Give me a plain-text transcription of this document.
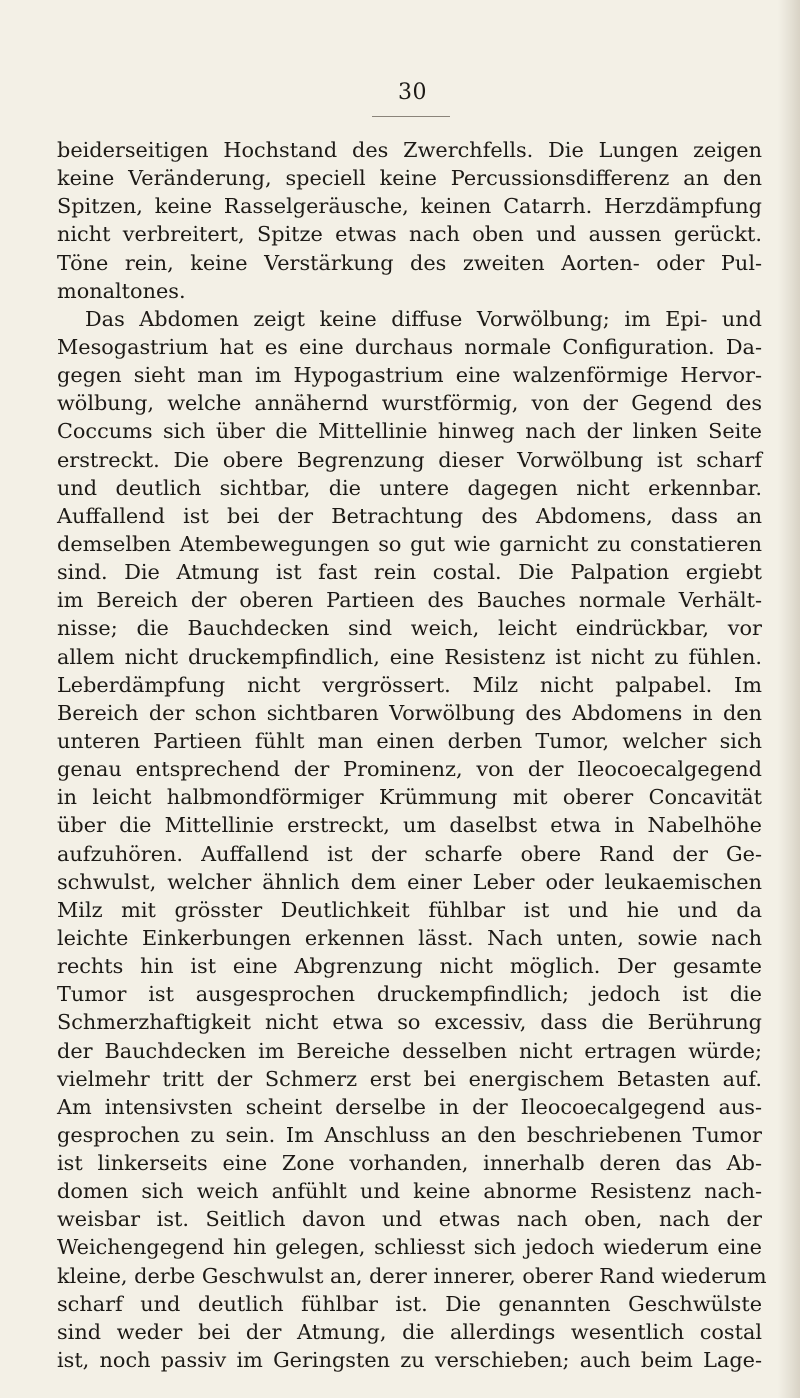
30
beiderseitigen Hochstand des Zwerchfells. Die Lungen zeigen
keine Veränderung, speciell keine Percussionsdifferenz an den
Spitzen, keine Rasselgeräusche, keinen Catarrh. Herzdämpfung
nicht verbreitert, Spitze etwas nach oben und aussen gerückt.
Töne rein, keine Verstärkung des zweiten Aorten- oder Pul-
monaltones.
Das Abdomen zeigt keine diffuse Vorwölbung; im Epi- und
Mesogastrium hat es eine durchaus normale Configuration. Da-
gegen sieht man im Hypogastrium eine walzenförmige Hervor-
wölbung, welche annähernd wurstförmig, von der Gegend des
Coccums sich über die Mittellinie hinweg nach der linken Seite
erstreckt. Die obere Begrenzung dieser Vorwölbung ist scharf
und deutlich sichtbar, die untere dagegen nicht erkennbar.
Auffallend ist bei der Betrachtung des Abdomens, dass an
demselben Atembewegungen so gut wie garnicht zu constatieren
sind. Die Atmung ist fast rein costal. Die Palpation ergiebt
im Bereich der oberen Partieen des Bauches normale Verhält-
nisse; die Bauchdecken sind weich, leicht eindrückbar, vor
allem nicht druckempfindlich, eine Resistenz ist nicht zu fühlen.
Leberdämpfung nicht vergrössert. Milz nicht palpabel. Im
Bereich der schon sichtbaren Vorwölbung des Abdomens in den
unteren Partieen fühlt man einen derben Tumor, welcher sich
genau entsprechend der Prominenz, von der Ileocoecalgegend
in leicht halbmondförmiger Krümmung mit oberer Concavität
über die Mittellinie erstreckt, um daselbst etwa in Nabelhöhe
aufzuhören. Auffallend ist der scharfe obere Rand der Ge-
schwulst, welcher ähnlich dem einer Leber oder leukaemischen
Milz mit grösster Deutlichkeit fühlbar ist und hie und da
leichte Einkerbungen erkennen lässt. Nach unten, sowie nach
rechts hin ist eine Abgrenzung nicht möglich. Der gesamte
Tumor ist ausgesprochen druckempfindlich; jedoch ist die
Schmerzhaftigkeit nicht etwa so excessiv, dass die Berührung
der Bauchdecken im Bereiche desselben nicht ertragen würde;
vielmehr tritt der Schmerz erst bei energischem Betasten auf.
Am intensivsten scheint derselbe in der Ileocoecalgegend aus-
gesprochen zu sein. Im Anschluss an den beschriebenen Tumor
ist linkerseits eine Zone vorhanden, innerhalb deren das Ab-
domen sich weich anfühlt und keine abnorme Resistenz nach-
weisbar ist. Seitlich davon und etwas nach oben, nach der
Weichengegend hin gelegen, schliesst sich jedoch wiederum eine
kleine, derbe Geschwulst an, derer innerer, oberer Rand wiederum
scharf und deutlich fühlbar ist. Die genannten Geschwülste
sind weder bei der Atmung, die allerdings wesentlich costal
ist, noch passiv im Geringsten zu verschieben; auch beim Lage-
